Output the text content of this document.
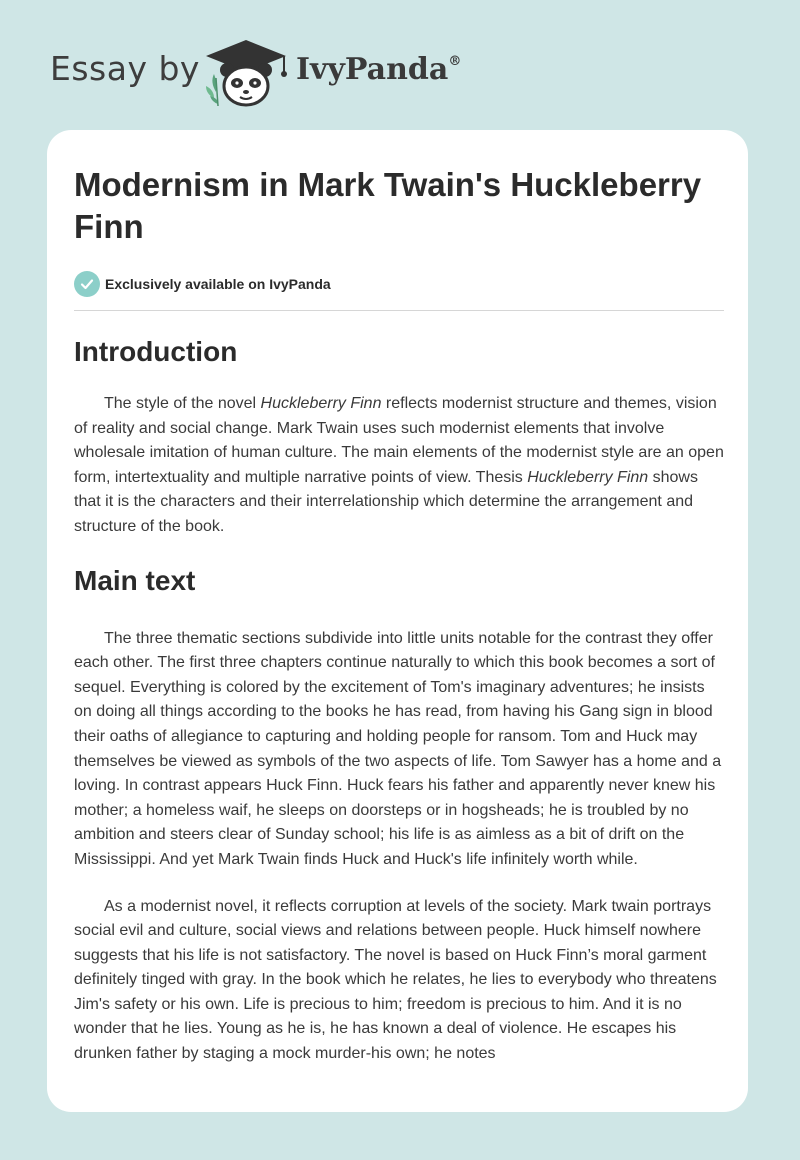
Essay by	IvyPanda®
Modernism in Mark Twain's Huckleberry Finn
Exclusively available on IvyPanda
Introduction

The style of the novel Huckleberry Finn reflects modernist structure and themes, vision of reality and social change. Mark Twain uses such modernist elements that involve wholesale imitation of human culture. The main elements of the modernist style are an open form, intertextuality and multiple narrative points of view. Thesis Huckleberry Finn shows that it is the characters and their interrelationship which determine the arrangement and structure of the book.

Main text

The three thematic sections subdivide into little units notable for the contrast they offer each other. The first three chapters continue naturally to which this book becomes a sort of sequel. Everything is colored by the excitement of Tom's imaginary adventures; he insists on doing all things according to the books he has read, from having his Gang sign in blood their oaths of allegiance to capturing and holding people for ransom. Tom and Huck may themselves be viewed as symbols of the two aspects of life. Tom Sawyer has a home and a loving. In contrast appears Huck Finn. Huck fears his father and apparently never knew his mother; a homeless waif, he sleeps on doorsteps or in hogsheads; he is troubled by no ambition and steers clear of Sunday school; his life is as aimless as a bit of drift on the Mississippi. And yet Mark Twain finds Huck and Huck's life infinitely worth while.

As a modernist novel, it reflects corruption at levels of the society. Mark twain portrays social evil and culture, social views and relations between people. Huck himself nowhere suggests that his life is not satisfactory. The novel is based on Huck Finn’s moral garment definitely tinged with gray. In the book which he relates, he lies to everybody who threatens Jim's safety or his own. Life is precious to him; freedom is precious to him. And it is no wonder that he lies. Young as he is, he has known a deal of violence. He escapes his drunken father by staging a mock murder-his own; he notes
